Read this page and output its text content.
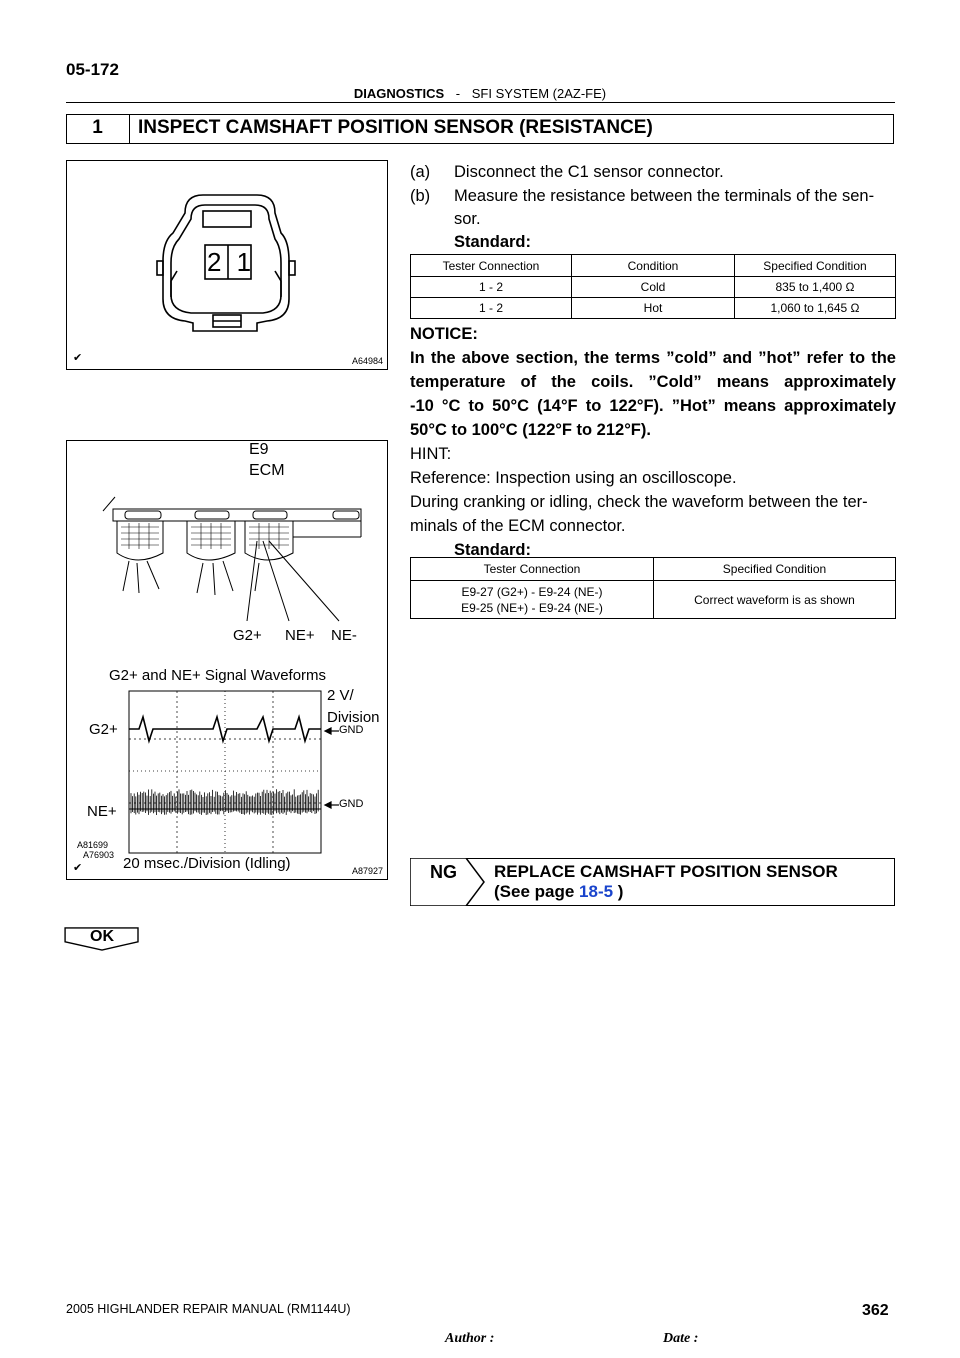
05-172
DIAGNOSTICS - SFI SYSTEM (2AZ-FE)
1	INSPECT CAMSHAFT POSITION SENSOR (RESISTANCE)
2 1
✔	A64984
E9
ECM
G2+ NE+ NE-
G2+ and NE+ Signal Waveforms
2 V/
Division
GND
GND
G2+
NE+
20 msec./Division (Idling)
A81699
A76903
✔	A87927
(a) Disconnect the C1 sensor connector.
(b) Measure the resistance between the terminals of the sen-
sor.
Standard:
Tester Connection	Condition	Specified Condition
1 - 2	Cold	835 to 1,400 Ω
1 - 2	Hot	1,060 to 1,645 Ω
NOTICE:
In the above section, the terms ”cold” and ”hot” refer to the
temperature of the coils. ”Cold” means approximately
-10 °C to 50°C (14°F to 122°F). ”Hot” means approximately
50°C to 100°C (122°F to 212°F).
HINT:
Reference: Inspection using an oscilloscope.
During cranking or idling, check the waveform between the ter-
minals of the ECM connector.
Standard:
Tester Connection	Specified Condition

E9-27 (G2+) - E9-24 (NE-)
E9-25 (NE+) - E9-24 (NE-)	Correct waveform is as shown
NG REPLACE CAMSHAFT POSITION SENSOR
(See page 18-5 )
OK
2005 HIGHLANDER REPAIR MANUAL (RM1144U)	362
Author :	Date :
